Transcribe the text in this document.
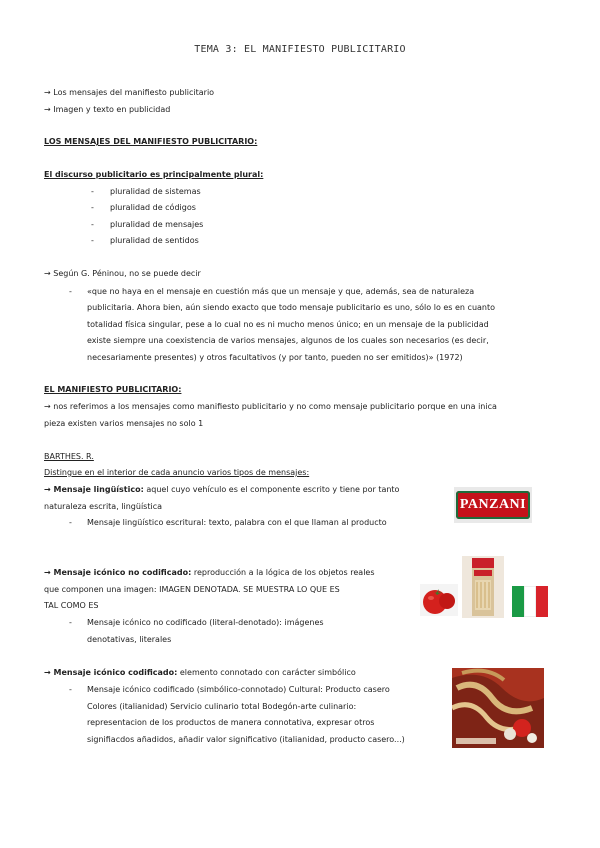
TEMA 3: EL MANIFIESTO PUBLICITARIO
→ Los mensajes del manifiesto publicitario
→ Imagen y texto en publicidad
LOS MENSAJES DEL MANIFIESTO PUBLICITARIO:
El discurso publicitario es principalmente plural:
- pluralidad de sistemas
- pluralidad de códigos
- pluralidad de mensajes
- pluralidad de sentidos
→ Según G. Péninou, no se puede decir
- «que no haya en el mensaje en cuestión más que un mensaje y que, además, sea de naturaleza
publicitaria. Ahora bien, aún siendo exacto que todo mensaje publicitario es uno, sólo lo es en cuanto
totalidad física singular, pese a lo cual no es ni mucho menos único; en un mensaje de la publicidad
existe siempre una coexistencia de varios mensajes, algunos de los cuales son necesarios (es decir,
necesariamente presentes) y otros facultativos (y por tanto, pueden no ser emitidos)» (1972)
EL MANIFIESTO PUBLICITARIO:
→ nos referimos a los mensajes como manifiesto publicitario y no como mensaje publicitario porque en una inica
pieza existen varios mensajes no solo 1
BARTHES. R.
Distingue en el interior de cada anuncio varios tipos de mensajes:
→ Mensaje lingüístico: aquel cuyo vehículo es el componente escrito y tiene por tanto
naturaleza escrita, lingüística
- Mensaje lingüístico escritural: texto, palabra con el que llaman al producto
PANZANI
→ Mensaje icónico no codificado: reproducción a la lógica de los objetos reales
que componen una imagen: IMAGEN DENOTADA. SE MUESTRA LO QUE ES
TAL COMO ES
- Mensaje icónico no codificado (literal-denotado): imágenes
denotativas, literales
→ Mensaje icónico codificado: elemento connotado con carácter simbólico
- Mensaje icónico codificado (simbólico-connotado) Cultural: Producto casero
Colores (italianidad) Servicio culinario total Bodegón-arte culinario:
representacion de los productos de manera connotativa, expresar otros
signifiacdos añadidos, añadir valor significativo (italianidad, producto casero...)
